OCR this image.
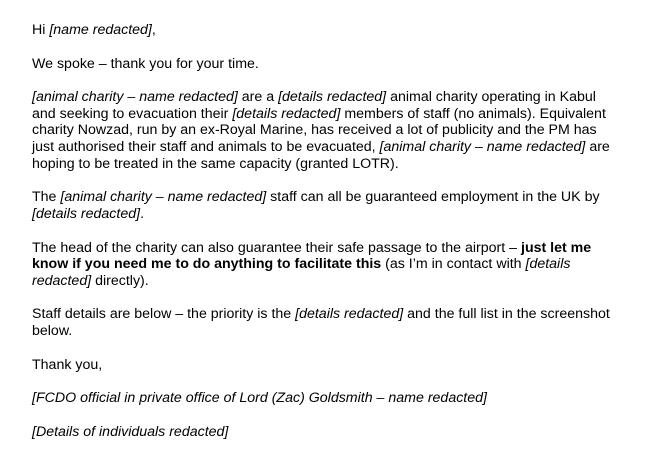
Hi [name redacted],

We spoke – thank you for your time.

[animal charity – name redacted] are a [details redacted] animal charity operating in Kabul
and seeking to evacuation their [details redacted] members of staff (no animals). Equivalent
charity Nowzad, run by an ex-Royal Marine, has received a lot of publicity and the PM has
just authorised their staff and animals to be evacuated, [animal charity – name redacted] are
hoping to be treated in the same capacity (granted LOTR).

The [animal charity – name redacted] staff can all be guaranteed employment in the UK by
[details redacted].

The head of the charity can also guarantee their safe passage to the airport – just let me
know if you need me to do anything to facilitate this (as I’m in contact with [details
redacted] directly).

Staff details are below – the priority is the [details redacted] and the full list in the screenshot
below.

Thank you,

[FCDO official in private office of Lord (Zac) Goldsmith – name redacted]

[Details of individuals redacted]
